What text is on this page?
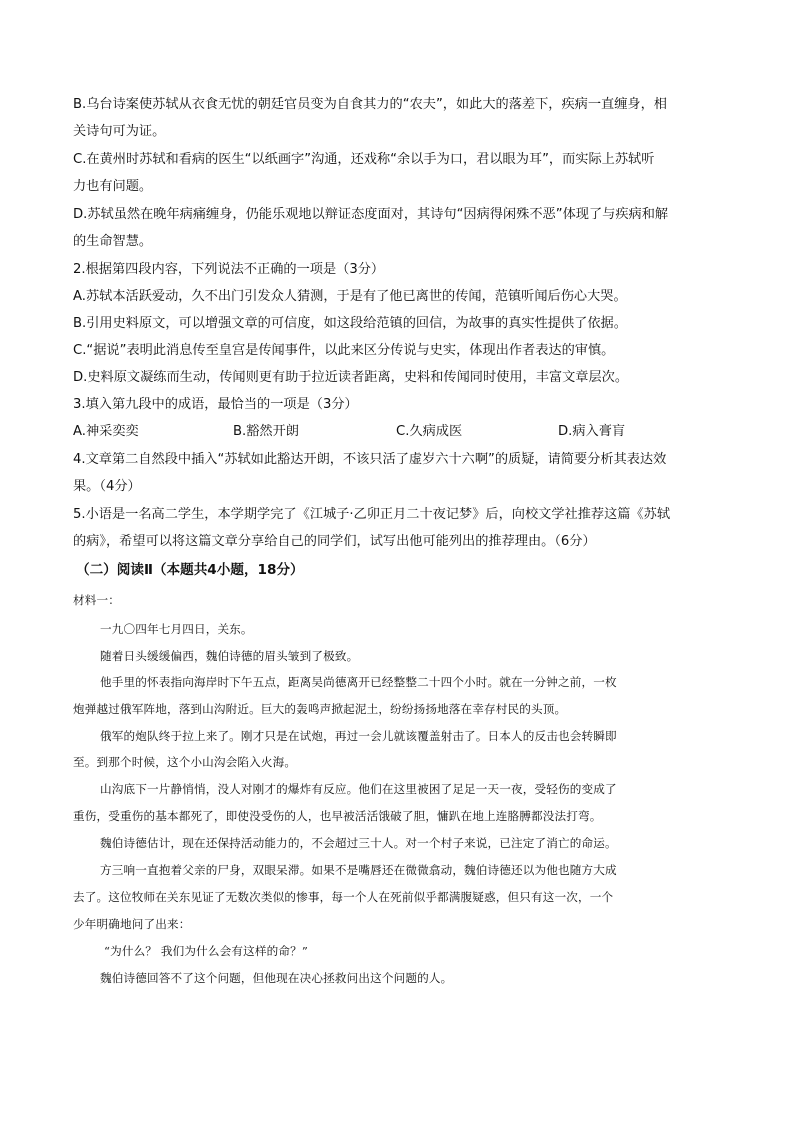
B.乌台诗案使苏轼从衣食无忧的朝廷官员变为自食其力的“农夫”，如此大的落差下，疾病一直缠身，相
关诗句可为证。
C.在黄州时苏轼和看病的医生“以纸画字”沟通，还戏称“余以手为口，君以眼为耳”，而实际上苏轼听
力也有问题。
D.苏轼虽然在晚年病痛缠身，仍能乐观地以辩证态度面对，其诗句“因病得闲殊不恶”体现了与疾病和解
的生命智慧。
2.根据第四段内容，下列说法不正确的一项是（3分）
A.苏轼本活跃爱动，久不出门引发众人猜测，于是有了他已离世的传闻，范镇听闻后伤心大哭。
B.引用史料原文，可以增强文章的可信度，如这段给范镇的回信，为故事的真实性提供了依据。
C.“据说”表明此消息传至皇宫是传闻事件，以此来区分传说与史实，体现出作者表达的审慎。
D.史料原文凝练而生动，传闻则更有助于拉近读者距离，史料和传闻同时使用，丰富文章层次。
3.填入第九段中的成语，最恰当的一项是（3分）
A.神采奕奕	B.豁然开朗	C.久病成医	D.病入膏肓
4.文章第二自然段中插入“苏轼如此豁达开朗，不该只活了虚岁六十六啊”的质疑，请简要分析其表达效
果。（4分）
5.小语是一名高二学生，本学期学完了《江城子·乙卯正月二十夜记梦》后，向校文学社推荐这篇《苏轼
的病》，希望可以将这篇文章分享给自己的同学们，试写出他可能列出的推荐理由。（6分）
（二）阅读Ⅱ（本题共4小题，18分）
材料一：
一九〇四年七月四日，关东。
随着日头缓缓偏西，魏伯诗德的眉头皱到了极致。
他手里的怀表指向海岸时下午五点，距离吴尚德离开已经整整二十四个小时。就在一分钟之前，一枚
炮弹越过俄军阵地，落到山沟附近。巨大的轰鸣声掀起泥土，纷纷扬扬地落在幸存村民的头顶。
俄军的炮队终于拉上来了。刚才只是在试炮，再过一会儿就该覆盖射击了。日本人的反击也会转瞬即
至。到那个时候，这个小山沟会陷入火海。
山沟底下一片静悄悄，没人对刚才的爆炸有反应。他们在这里被困了足足一天一夜，受轻伤的变成了
重伤，受重伤的基本都死了，即使没受伤的人，也早被活活饿破了胆，慵趴在地上连胳膊都没法打弯。
魏伯诗德估计，现在还保持活动能力的，不会超过三十人。对一个村子来说，已注定了消亡的命运。
方三响一直抱着父亲的尸身，双眼呆滞。如果不是嘴唇还在微微翕动，魏伯诗德还以为他也随方大成
去了。这位牧师在关东见证了无数次类似的惨事，每一个人在死前似乎都满腹疑惑，但只有这一次，一个
少年明确地问了出来：
“为什么？ 我们为什么会有这样的命？”
魏伯诗德回答不了这个问题，但他现在决心拯救问出这个问题的人。
